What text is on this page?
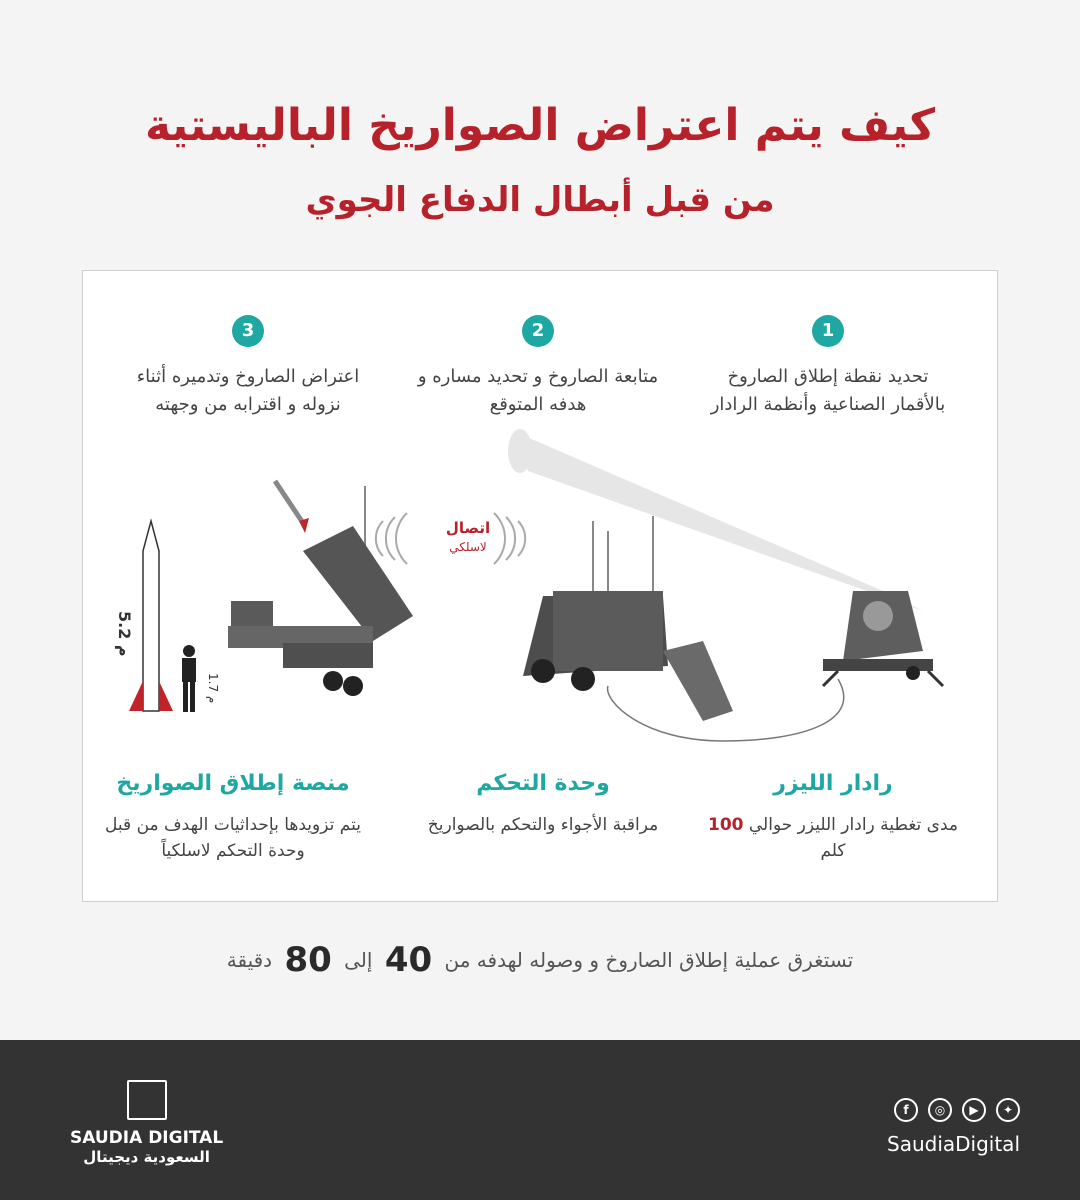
كيف يتم اعتراض الصواريخ الباليستية
من قبل أبطال الدفاع الجوي
1
تحديد نقطة إطلاق الصاروخ بالأقمار الصناعية وأنظمة الرادار
2
متابعة الصاروخ و تحديد مساره و هدفه المتوقع
3
اعتراض الصاروخ وتدميره أثناء نزوله و اقترابه من وجهته
اتصال
لاسلكي
5.2 م
1.7 م
رادار الليزر
مدى تغطية رادار الليزر حوالي 100 كلم
وحدة التحكم
مراقبة الأجواء والتحكم بالصواريخ
منصة إطلاق الصواريخ
يتم تزويدها بإحداثيات الهدف من قبل وحدة التحكم لاسلكياً
تستغرق عملية إطلاق الصاروخ و وصوله لهدفه من 40 إلى 80 دقيقة
SAUDIA DIGITAL
السعودية ديجيتال
f	◎	▶	✦
SaudiaDigital
